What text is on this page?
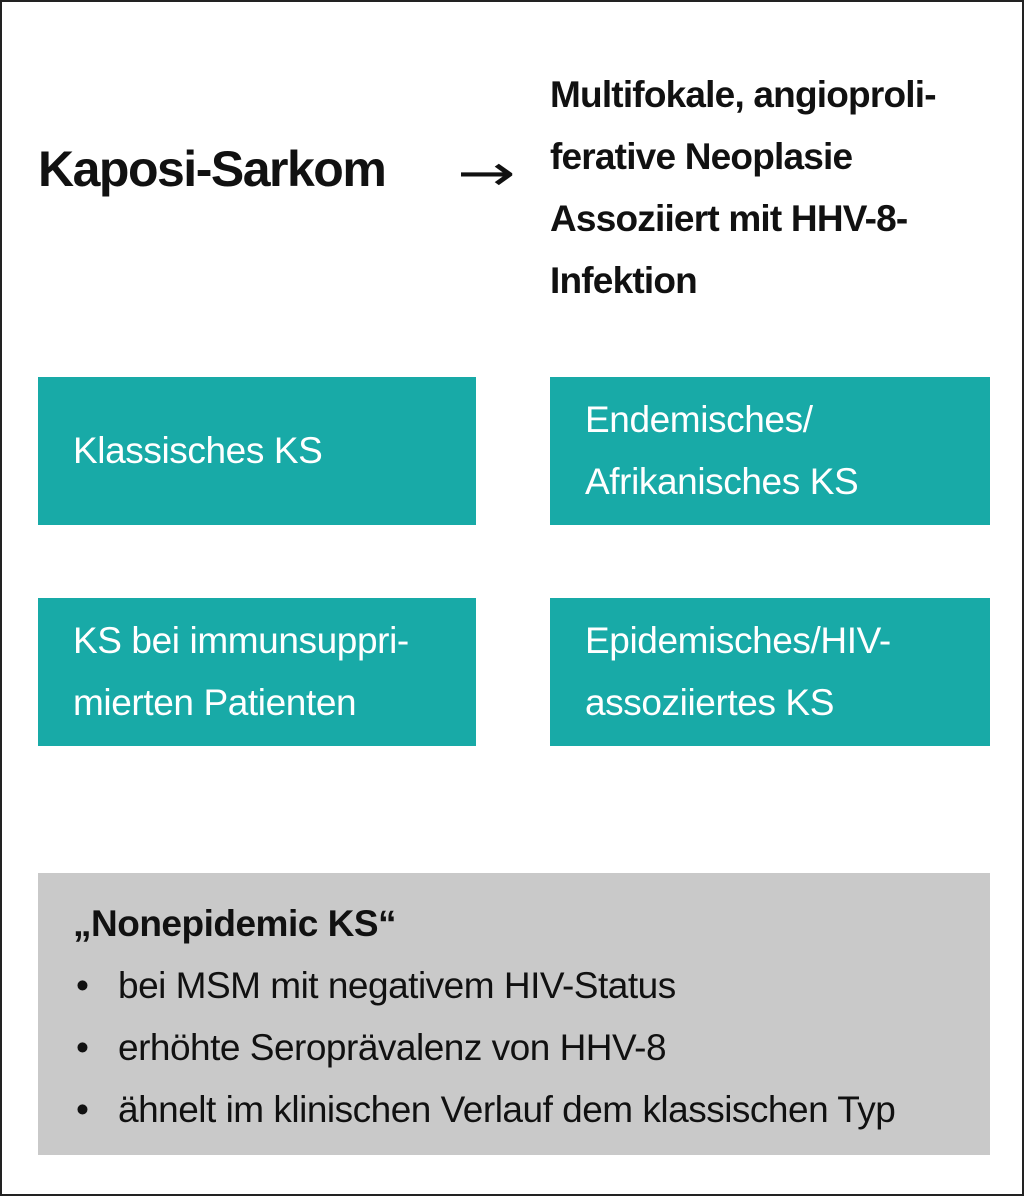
Kaposi-Sarkom →
Multifokale, angioproli-
ferative Neoplasie
Assoziiert mit HHV-8-
Infektion
Klassisches KS
Endemisches/
Afrikanisches KS
KS bei immunsuppri-
mierten Patienten
Epidemisches/HIV-
assoziiertes KS
„Nonepidemic KS“
• bei MSM mit negativem HIV-Status
• erhöhte Seroprävalenz von HHV-8
• ähnelt im klinischen Verlauf dem klassischen Typ
